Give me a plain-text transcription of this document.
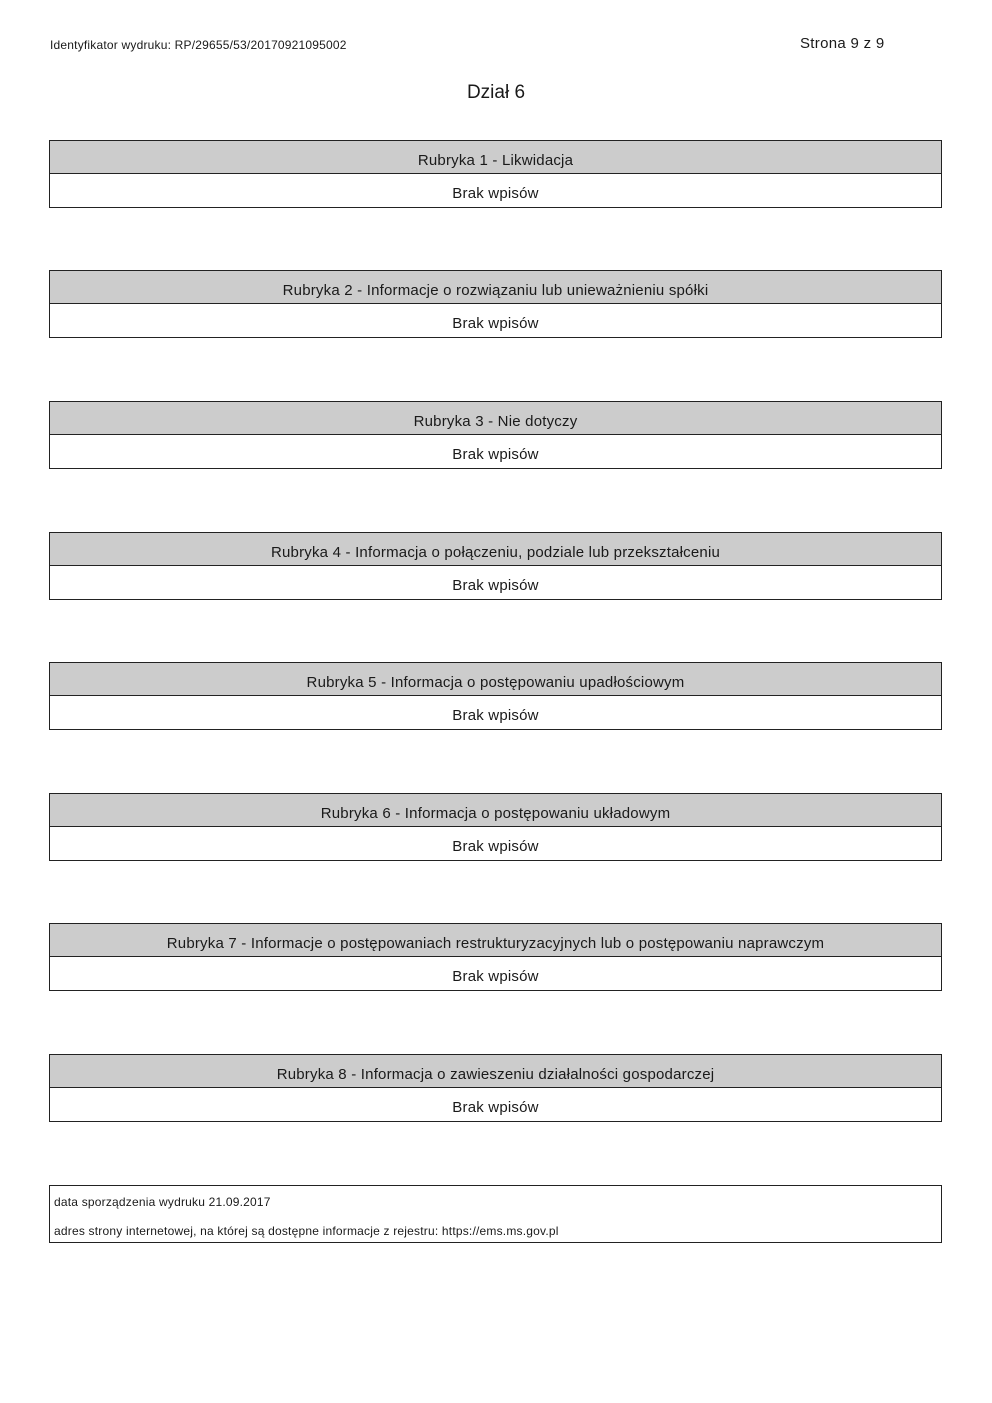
Identyfikator wydruku: RP/29655/53/20170921095002	Strona 9 z 9
Dział 6
Rubryka 1 - Likwidacja
Brak wpisów
Rubryka 2 - Informacje o rozwiązaniu lub unieważnieniu spółki
Brak wpisów
Rubryka 3 - Nie dotyczy
Brak wpisów
Rubryka 4 - Informacja o połączeniu, podziale lub przekształceniu
Brak wpisów
Rubryka 5 - Informacja o postępowaniu upadłościowym
Brak wpisów
Rubryka 6 - Informacja o postępowaniu układowym
Brak wpisów
Rubryka 7 - Informacje o postępowaniach restrukturyzacyjnych lub o postępowaniu naprawczym
Brak wpisów
Rubryka 8 - Informacja o zawieszeniu działalności gospodarczej
Brak wpisów
data sporządzenia wydruku 21.09.2017
adres strony internetowej, na której są dostępne informacje z rejestru: https://ems.ms.gov.pl
